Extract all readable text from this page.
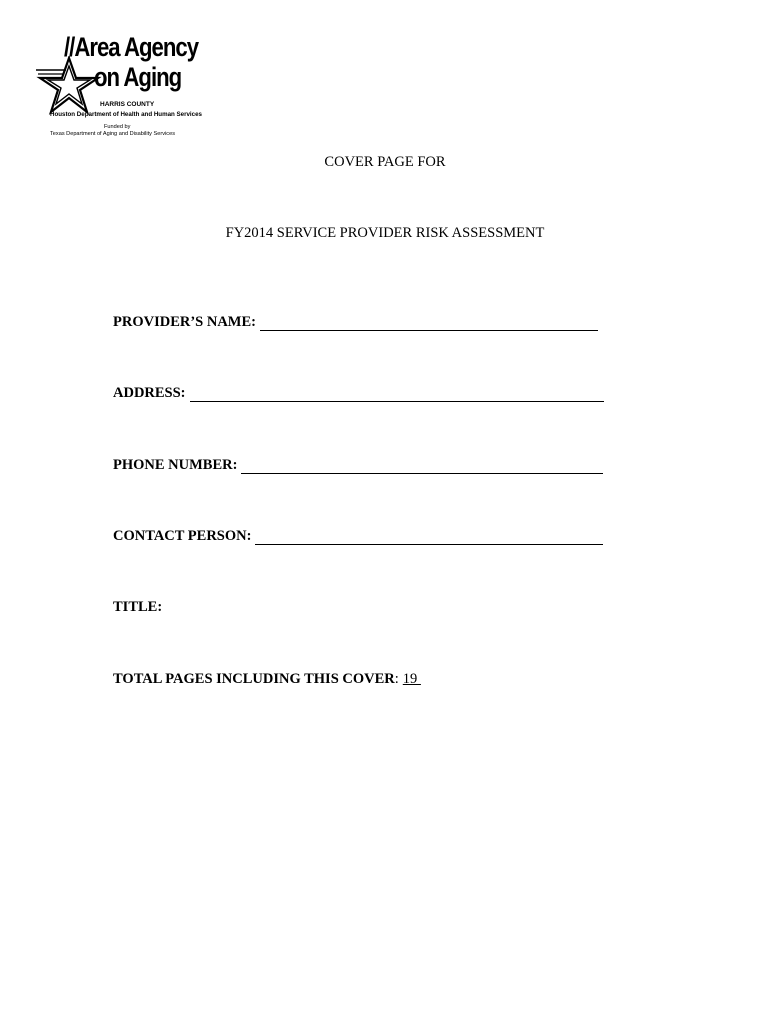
//Area Agency
on Aging
HARRIS COUNTY
Houston Department of Health and Human Services
Funded by
Texas Department of Aging and Disability Services
COVER PAGE FOR
FY2014 SERVICE PROVIDER RISK ASSESSMENT
PROVIDER’S NAME:
ADDRESS:
PHONE NUMBER:
CONTACT PERSON:
TITLE:
TOTAL PAGES INCLUDING THIS COVER : 19
